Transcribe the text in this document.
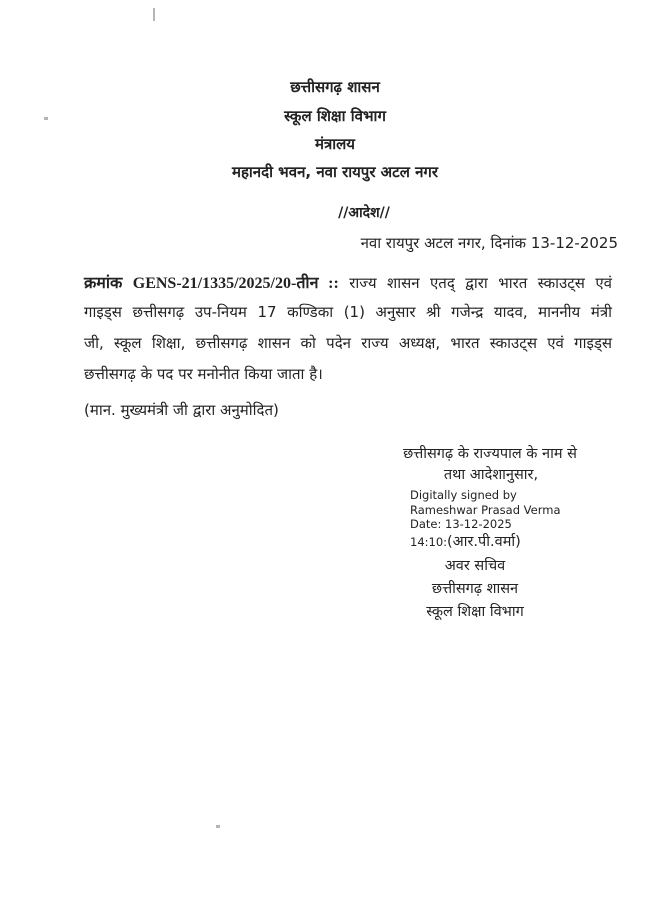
छत्तीसगढ़ शासन
स्कूल शिक्षा विभाग
मंत्रालय
महानदी भवन, नवा रायपुर अटल नगर
//आदेश//
नवा रायपुर अटल नगर, दिनांक 13-12-2025
क्रमांक GENS-21/1335/2025/20-तीन :: राज्य शासन एतद् द्वारा भारत स्काउट्स एवं
गाइड्स छत्तीसगढ़ उप-नियम 17 कण्डिका (1) अनुसार श्री गजेन्द्र यादव, माननीय मंत्री
जी, स्कूल शिक्षा, छत्तीसगढ़ शासन को पदेन राज्य अध्यक्ष, भारत स्काउट्स एवं गाइड्स
छत्तीसगढ़ के पद पर मनोनीत किया जाता है।
(मान. मुख्यमंत्री जी द्वारा अनुमोदित)
छत्तीसगढ़ के राज्यपाल के नाम से
तथा आदेशानुसार,
Digitally signed by
Rameshwar Prasad Verma
Date: 13-12-2025
14:10:(आर.पी.वर्मा)
अवर सचिव
छत्तीसगढ़ शासन
स्कूल शिक्षा विभाग
